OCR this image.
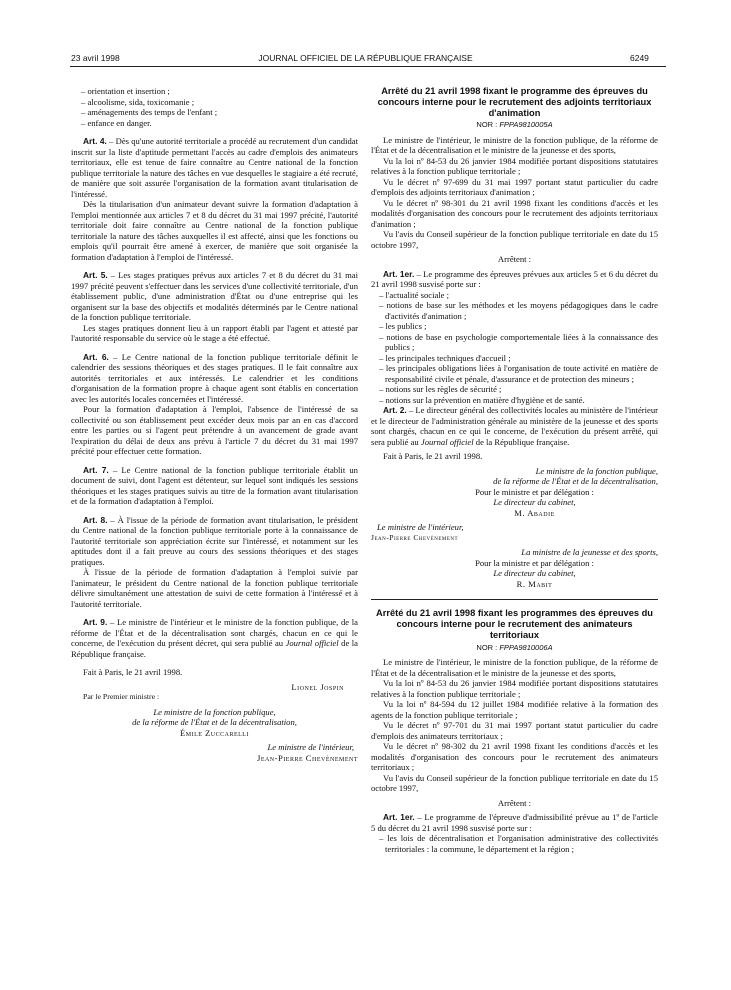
23 avril 1998	JOURNAL OFFICIEL DE LA RÉPUBLIQUE FRANÇAISE	6249

– orientation et insertion ;

– alcoolisme, sida, toxicomanie ;

– aménagements des temps de l'enfant ;

– enfance en danger.

Art. 4. – Dès qu'une autorité territoriale a procédé au recrutement d'un candidat inscrit sur la liste d'aptitude permettant l'accès au cadre d'emplois des animateurs territoriaux, elle est tenue de faire connaître au Centre national de la fonction publique territoriale la nature des tâches en vue desquelles le stagiaire a été recruté, de manière que soit assurée l'organisation de la formation avant titularisation de l'intéressé.

Dès la titularisation d'un animateur devant suivre la formation d'adaptation à l'emploi mentionnée aux articles 7 et 8 du décret du 31 mai 1997 précité, l'autorité territoriale doit faire connaître au Centre national de la fonction publique territoriale la nature des tâches auxquelles il est affecté, ainsi que les fonctions ou emplois qu'il pourrait être amené à exercer, de manière que soit organisée la formation d'adaptation à l'emploi de l'intéressé.

Art. 5. – Les stages pratiques prévus aux articles 7 et 8 du décret du 31 mai 1997 précité peuvent s'effectuer dans les services d'une collectivité territoriale, d'un établissement public, d'une administration d'État ou d'une entreprise qui les organisent sur la base des objectifs et modalités déterminés par le Centre national de la fonction publique territoriale.

Les stages pratiques donnent lieu à un rapport établi par l'agent et attesté par l'autorité responsable du service où le stage a été effectué.

Art. 6. – Le Centre national de la fonction publique territoriale définit le calendrier des sessions théoriques et des stages pratiques. Il le fait connaître aux autorités territoriales et aux intéressés. Le calendrier et les conditions d'organisation de la formation propre à chaque agent sont établis en concertation avec les autorités locales concernées et l'intéressé.

Pour la formation d'adaptation à l'emploi, l'absence de l'intéressé de sa collectivité ou son établissement peut excéder deux mois par an en cas d'accord entre les parties ou si l'agent peut prétendre à un avancement de grade avant l'expiration du délai de deux ans prévu à l'article 7 du décret du 31 mai 1997 précité pour effectuer cette formation.

Art. 7. – Le Centre national de la fonction publique territoriale établit un document de suivi, dont l'agent est détenteur, sur lequel sont indiqués les sessions théoriques et les stages pratiques suivis au titre de la formation avant titularisation et de la formation d'adaptation à l'emploi.

Art. 8. – À l'issue de la période de formation avant titularisation, le président du Centre national de la fonction publique territoriale porte à la connaissance de l'autorité territoriale son appréciation écrite sur l'intéressé, et notamment sur les aptitudes dont il a fait preuve au cours des sessions théoriques et des stages pratiques.

À l'issue de la période de formation d'adaptation à l'emploi suivie par l'animateur, le président du Centre national de la fonction publique territoriale délivre simultanément une attestation de suivi de cette formation à l'intéressé et à l'autorité territoriale.

Art. 9. – Le ministre de l'intérieur et le ministre de la fonction publique, de la réforme de l'État et de la décentralisation sont chargés, chacun en ce qui le concerne, de l'exécution du présent décret, qui sera publié au Journal officiel de la République française.

Fait à Paris, le 21 avril 1998.

Lionel Jospin

Par le Premier ministre :

Le ministre de la fonction publique,

de la réforme de l'État et de la décentralisation,

Émile Zuccarelli

Le ministre de l'intérieur,

Jean-Pierre Chevènement

Arrêté du 21 avril 1998 fixant le programme des épreuves du concours interne pour le recrutement des adjoints territoriaux d'animation

NOR : FPPA9810005A

Le ministre de l'intérieur, le ministre de la fonction publique, de la réforme de l'État et de la décentralisation et le ministre de la jeunesse et des sports,

Vu la loi nº 84-53 du 26 janvier 1984 modifiée portant dispositions statutaires relatives à la fonction publique territoriale ;

Vu le décret nº 97-699 du 31 mai 1997 portant statut particulier du cadre d'emplois des adjoints territoriaux d'animation ;

Vu le décret nº 98-301 du 21 avril 1998 fixant les conditions d'accès et les modalités d'organisation des concours pour le recrutement des adjoints territoriaux d'animation ;

Vu l'avis du Conseil supérieur de la fonction publique territoriale en date du 15 octobre 1997,

Arrêtent :

Art. 1er. – Le programme des épreuves prévues aux articles 5 et 6 du décret du 21 avril 1998 susvisé porte sur :

– l'actualité sociale ;

– notions de base sur les méthodes et les moyens pédagogiques dans le cadre d'activités d'animation ;

– les publics ;

– notions de base en psychologie comportementale liées à la connaissance des publics ;

– les principales techniques d'accueil ;

– les principales obligations liées à l'organisation de toute activité en matière de responsabilité civile et pénale, d'assurance et de protection des mineurs ;

– notions sur les règles de sécurité ;

– notions sur la prévention en matière d'hygiène et de santé.

Art. 2. – Le directeur général des collectivités locales au ministère de l'intérieur et le directeur de l'administration générale au ministère de la jeunesse et des sports sont chargés, chacun en ce qui le concerne, de l'exécution du présent arrêté, qui sera publié au Journal officiel de la République française.

Fait à Paris, le 21 avril 1998.

Le ministre de la fonction publique,

de la réforme de l'État et de la décentralisation,

Pour le ministre et par délégation :

Le directeur du cabinet,

M. Abadie

Le ministre de l'intérieur,

Jean-Pierre Chevènement

La ministre de la jeunesse et des sports,

Pour la ministre et par délégation :

Le directeur du cabinet,

R. Mabit

Arrêté du 21 avril 1998 fixant les programmes des épreuves du concours interne pour le recrutement des animateurs territoriaux

NOR : FPPA9810006A

Le ministre de l'intérieur, le ministre de la fonction publique, de la réforme de l'État et de la décentralisation et le ministre de la jeunesse et des sports,

Vu la loi nº 84-53 du 26 janvier 1984 modifiée portant dispositions statutaires relatives à la fonction publique territoriale ;

Vu la loi nº 84-594 du 12 juillet 1984 modifiée relative à la formation des agents de la fonction publique territoriale ;

Vu le décret nº 97-701 du 31 mai 1997 portant statut particulier du cadre d'emplois des animateurs territoriaux ;

Vu le décret nº 98-302 du 21 avril 1998 fixant les conditions d'accès et les modalités d'organisation des concours pour le recrutement des animateurs territoriaux ;

Vu l'avis du Conseil supérieur de la fonction publique territoriale en date du 15 octobre 1997,

Arrêtent :

Art. 1er. – Le programme de l'épreuve d'admissibilité prévue au 1º de l'article 5 du décret du 21 avril 1998 susvisé porte sur :

– les lois de décentralisation et l'organisation administrative des collectivités territoriales : la commune, le département et la région ;
